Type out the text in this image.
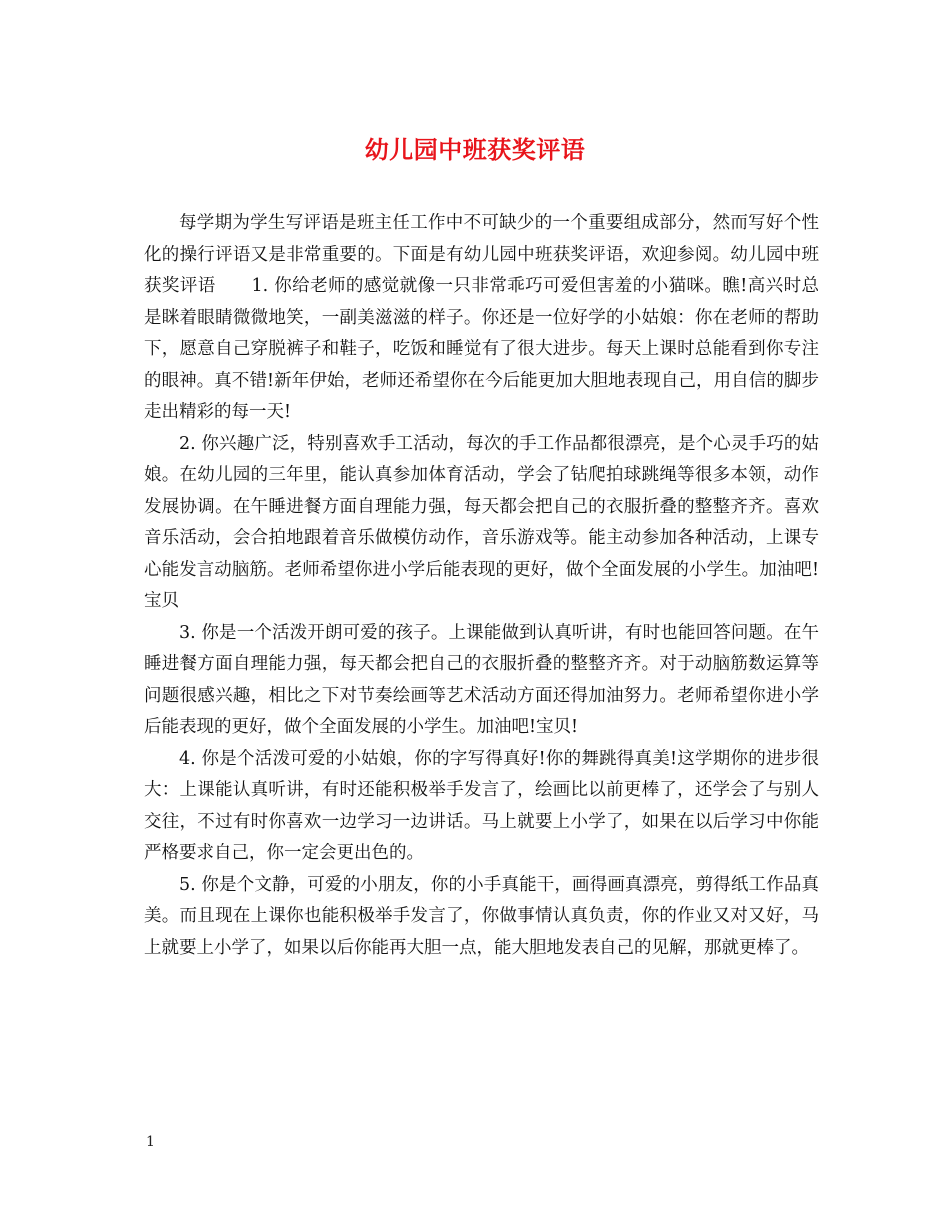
幼儿园中班获奖评语

每学期为学生写评语是班主任工作中不可缺少的一个重要组成部分，然而写好个性化的操行评语又是非常重要的。下面是有幼儿园中班获奖评语，欢迎参阅。幼儿园中班获奖评语　　1. 你给老师的感觉就像一只非常乖巧可爱但害羞的小猫咪。瞧!高兴时总是眯着眼睛微微地笑，一副美滋滋的样子。你还是一位好学的小姑娘：你在老师的帮助下，愿意自己穿脱裤子和鞋子，吃饭和睡觉有了很大进步。每天上课时总能看到你专注的眼神。真不错!新年伊始，老师还希望你在今后能更加大胆地表现自己，用自信的脚步走出精彩的每一天!

2. 你兴趣广泛，特别喜欢手工活动，每次的手工作品都很漂亮，是个心灵手巧的姑娘。在幼儿园的三年里，能认真参加体育活动，学会了钻爬拍球跳绳等很多本领，动作发展协调。在午睡进餐方面自理能力强，每天都会把自己的衣服折叠的整整齐齐。喜欢音乐活动，会合拍地跟着音乐做模仿动作，音乐游戏等。能主动参加各种活动，上课专心能发言动脑筋。老师希望你进小学后能表现的更好，做个全面发展的小学生。加油吧!宝贝

3. 你是一个活泼开朗可爱的孩子。上课能做到认真听讲，有时也能回答问题。在午睡进餐方面自理能力强，每天都会把自己的衣服折叠的整整齐齐。对于动脑筋数运算等问题很感兴趣，相比之下对节奏绘画等艺术活动方面还得加油努力。老师希望你进小学后能表现的更好，做个全面发展的小学生。加油吧!宝贝!

4. 你是个活泼可爱的小姑娘，你的字写得真好!你的舞跳得真美!这学期你的进步很大：上课能认真听讲，有时还能积极举手发言了，绘画比以前更棒了，还学会了与别人交往，不过有时你喜欢一边学习一边讲话。马上就要上小学了，如果在以后学习中你能严格要求自己，你一定会更出色的。

5. 你是个文静，可爱的小朋友，你的小手真能干，画得画真漂亮，剪得纸工作品真美。而且现在上课你也能积极举手发言了，你做事情认真负责，你的作业又对又好，马上就要上小学了，如果以后你能再大胆一点，能大胆地发表自己的见解，那就更棒了。

1
